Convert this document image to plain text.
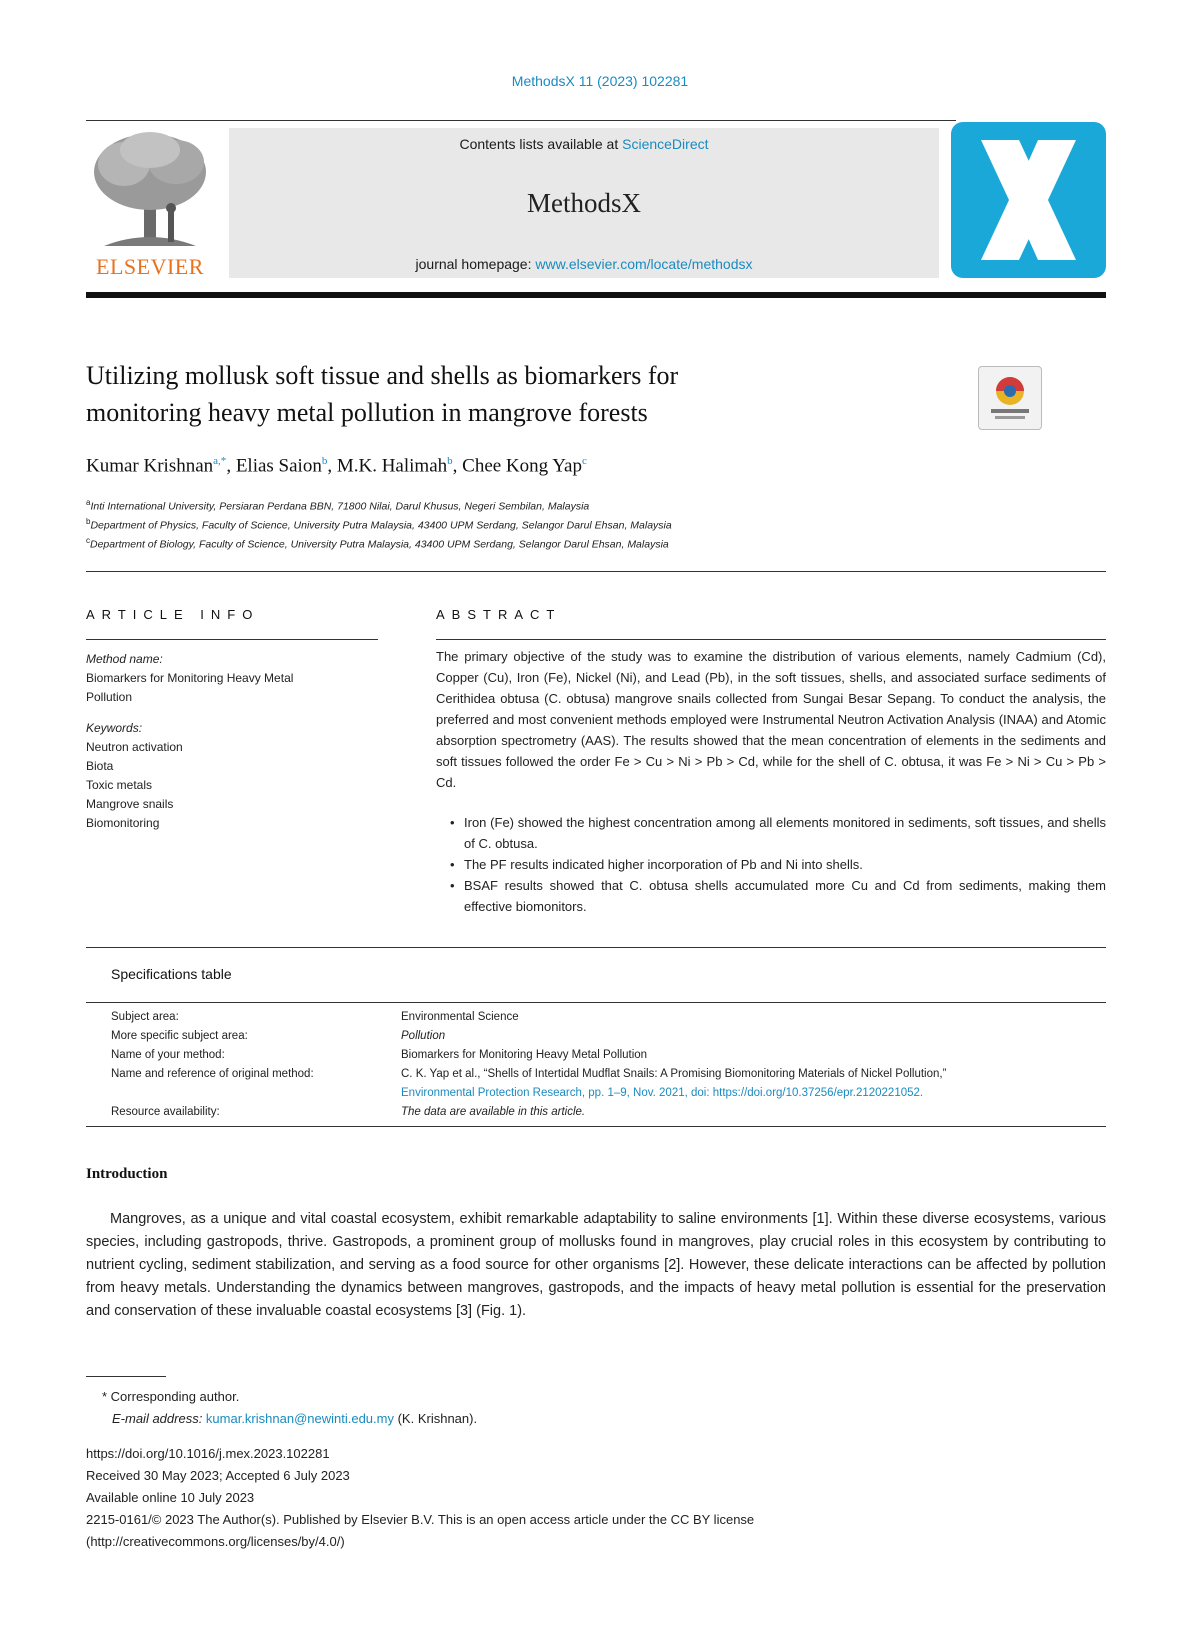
MethodsX 11 (2023) 102281
ELSEVIER
Contents lists available at ScienceDirect
MethodsX
journal homepage: www.elsevier.com/locate/methodsx
Utilizing mollusk soft tissue and shells as biomarkers for
monitoring heavy metal pollution in mangrove forests
Kumar Krishnan$^{a,*}$, Elias Saion$^b$, M.K. Halimah$^b$, Chee Kong Yap$^c$
$^a$Inti International University, Persiaran Perdana BBN, 71800 Nilai, Darul Khusus, Negeri Sembilan, Malaysia
$^b$Department of Physics, Faculty of Science, University Putra Malaysia, 43400 UPM Serdang, Selangor Darul Ehsan, Malaysia
$^c$Department of Biology, Faculty of Science, University Putra Malaysia, 43400 UPM Serdang, Selangor Darul Ehsan, Malaysia
ARTICLE INFO	ABSTRACT
Method name:
Biomarkers for Monitoring Heavy Metal
Pollution
Keywords:
Neutron activation
Biota
Toxic metals
Mangrove snails
Biomonitoring

The primary objective of the study was to examine the distribution of various elements, namely Cadmium (Cd), Copper (Cu), Iron (Fe), Nickel (Ni), and Lead (Pb), in the soft tissues, shells, and associated surface sediments of Cerithidea obtusa (C. obtusa) mangrove snails collected from Sungai Besar Sepang. To conduct the analysis, the preferred and most convenient methods employed were Instrumental Neutron Activation Analysis (INAA) and Atomic absorption spectrometry (AAS). The results showed that the mean concentration of elements in the sediments and soft tissues followed the order Fe > Cu > Ni > Pb > Cd, while for the shell of C. obtusa, it was Fe > Ni > Cu > Pb > Cd.

• Iron (Fe) showed the highest concentration among all elements monitored in sediments, soft tissues, and shells of C. obtusa.
• The PF results indicated higher incorporation of Pb and Ni into shells.
• BSAF results showed that C. obtusa shells accumulated more Cu and Cd from sediments, making them effective biomonitors.
Specifications table
Subject area:	Environmental Science
More specific subject area:	Pollution
Name of your method:	Biomarkers for Monitoring Heavy Metal Pollution
Name and reference of original method:	C. K. Yap et al., “Shells of Intertidal Mudflat Snails: A Promising Biomonitoring Materials of Nickel Pollution,”
Environmental Protection Research, pp. 1–9, Nov. 2021, doi: https://doi.org/10.37256/epr.2120221052.
Resource availability:	The data are available in this article.
Introduction

Mangroves, as a unique and vital coastal ecosystem, exhibit remarkable adaptability to saline environments [1]. Within these diverse ecosystems, various species, including gastropods, thrive. Gastropods, a prominent group of mollusks found in mangroves, play crucial roles in this ecosystem by contributing to nutrient cycling, sediment stabilization, and serving as a food source for other organisms [2]. However, these delicate interactions can be affected by pollution from heavy metals. Understanding the dynamics between mangroves, gastropods, and the impacts of heavy metal pollution is essential for the preservation and conservation of these invaluable coastal ecosystems [3] (Fig. 1).

* Corresponding author.
E-mail address: kumar.krishnan@newinti.edu.my (K. Krishnan).
https://doi.org/10.1016/j.mex.2023.102281
Received 30 May 2023; Accepted 6 July 2023
Available online 10 July 2023
2215-0161/© 2023 The Author(s). Published by Elsevier B.V. This is an open access article under the CC BY license
(http://creativecommons.org/licenses/by/4.0/)
